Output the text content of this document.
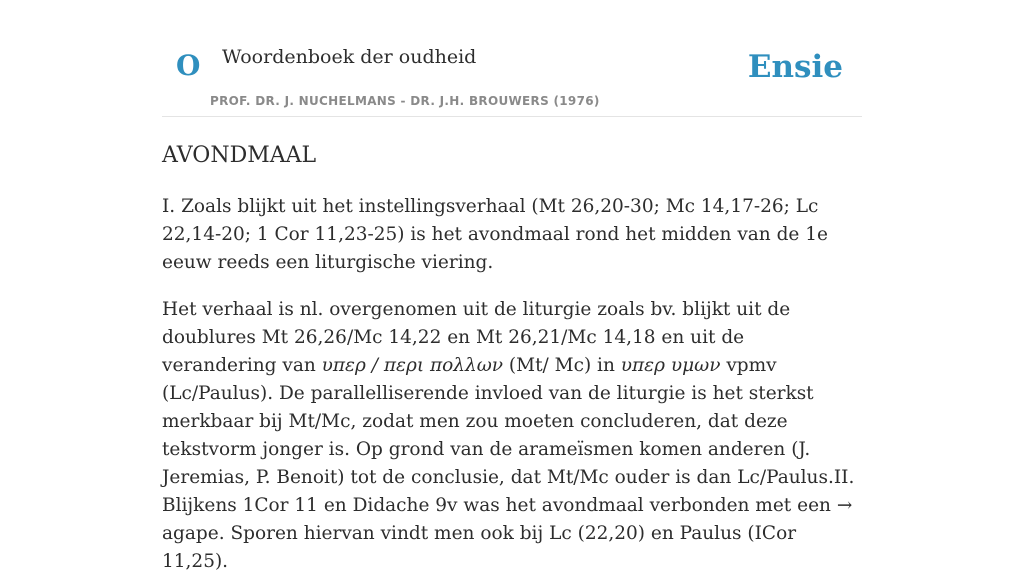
O Woordenboek der oudheid
PROF. DR. J. NUCHELMANS - DR. J.H. BROUWERS (1976)
Ensie
AVONDMAAL

I. Zoals blijkt uit het instellingsverhaal (Mt 26,20-30; Mc 14,17-26; Lc 22,14-20; 1 Cor 11,23-25) is het avondmaal rond het midden van de 1e eeuw reeds een liturgische viering.

Het verhaal is nl. overgenomen uit de liturgie zoals bv. blijkt uit de doublures Mt 26,26/Mc 14,22 en Mt 26,21/Mc 14,18 en uit de verandering van υπερ / περι πολλων (Mt/ Mc) in υπερ υμων vpmv (Lc/Paulus). De parallelliserende invloed van de liturgie is het sterkst merkbaar bij Mt/Mc, zodat men zou moeten concluderen, dat deze tekstvorm jonger is. Op grond van de arameïsmen komen anderen (J. Jeremias, P. Benoit) tot de conclusie, dat Mt/Mc ouder is dan Lc/Paulus.II. Blijkens 1Cor 11 en Didache 9v was het avondmaal verbonden met een → agape. Sporen hiervan vindt men ook bij Lc (22,20) en Paulus (ICor 11,25).
